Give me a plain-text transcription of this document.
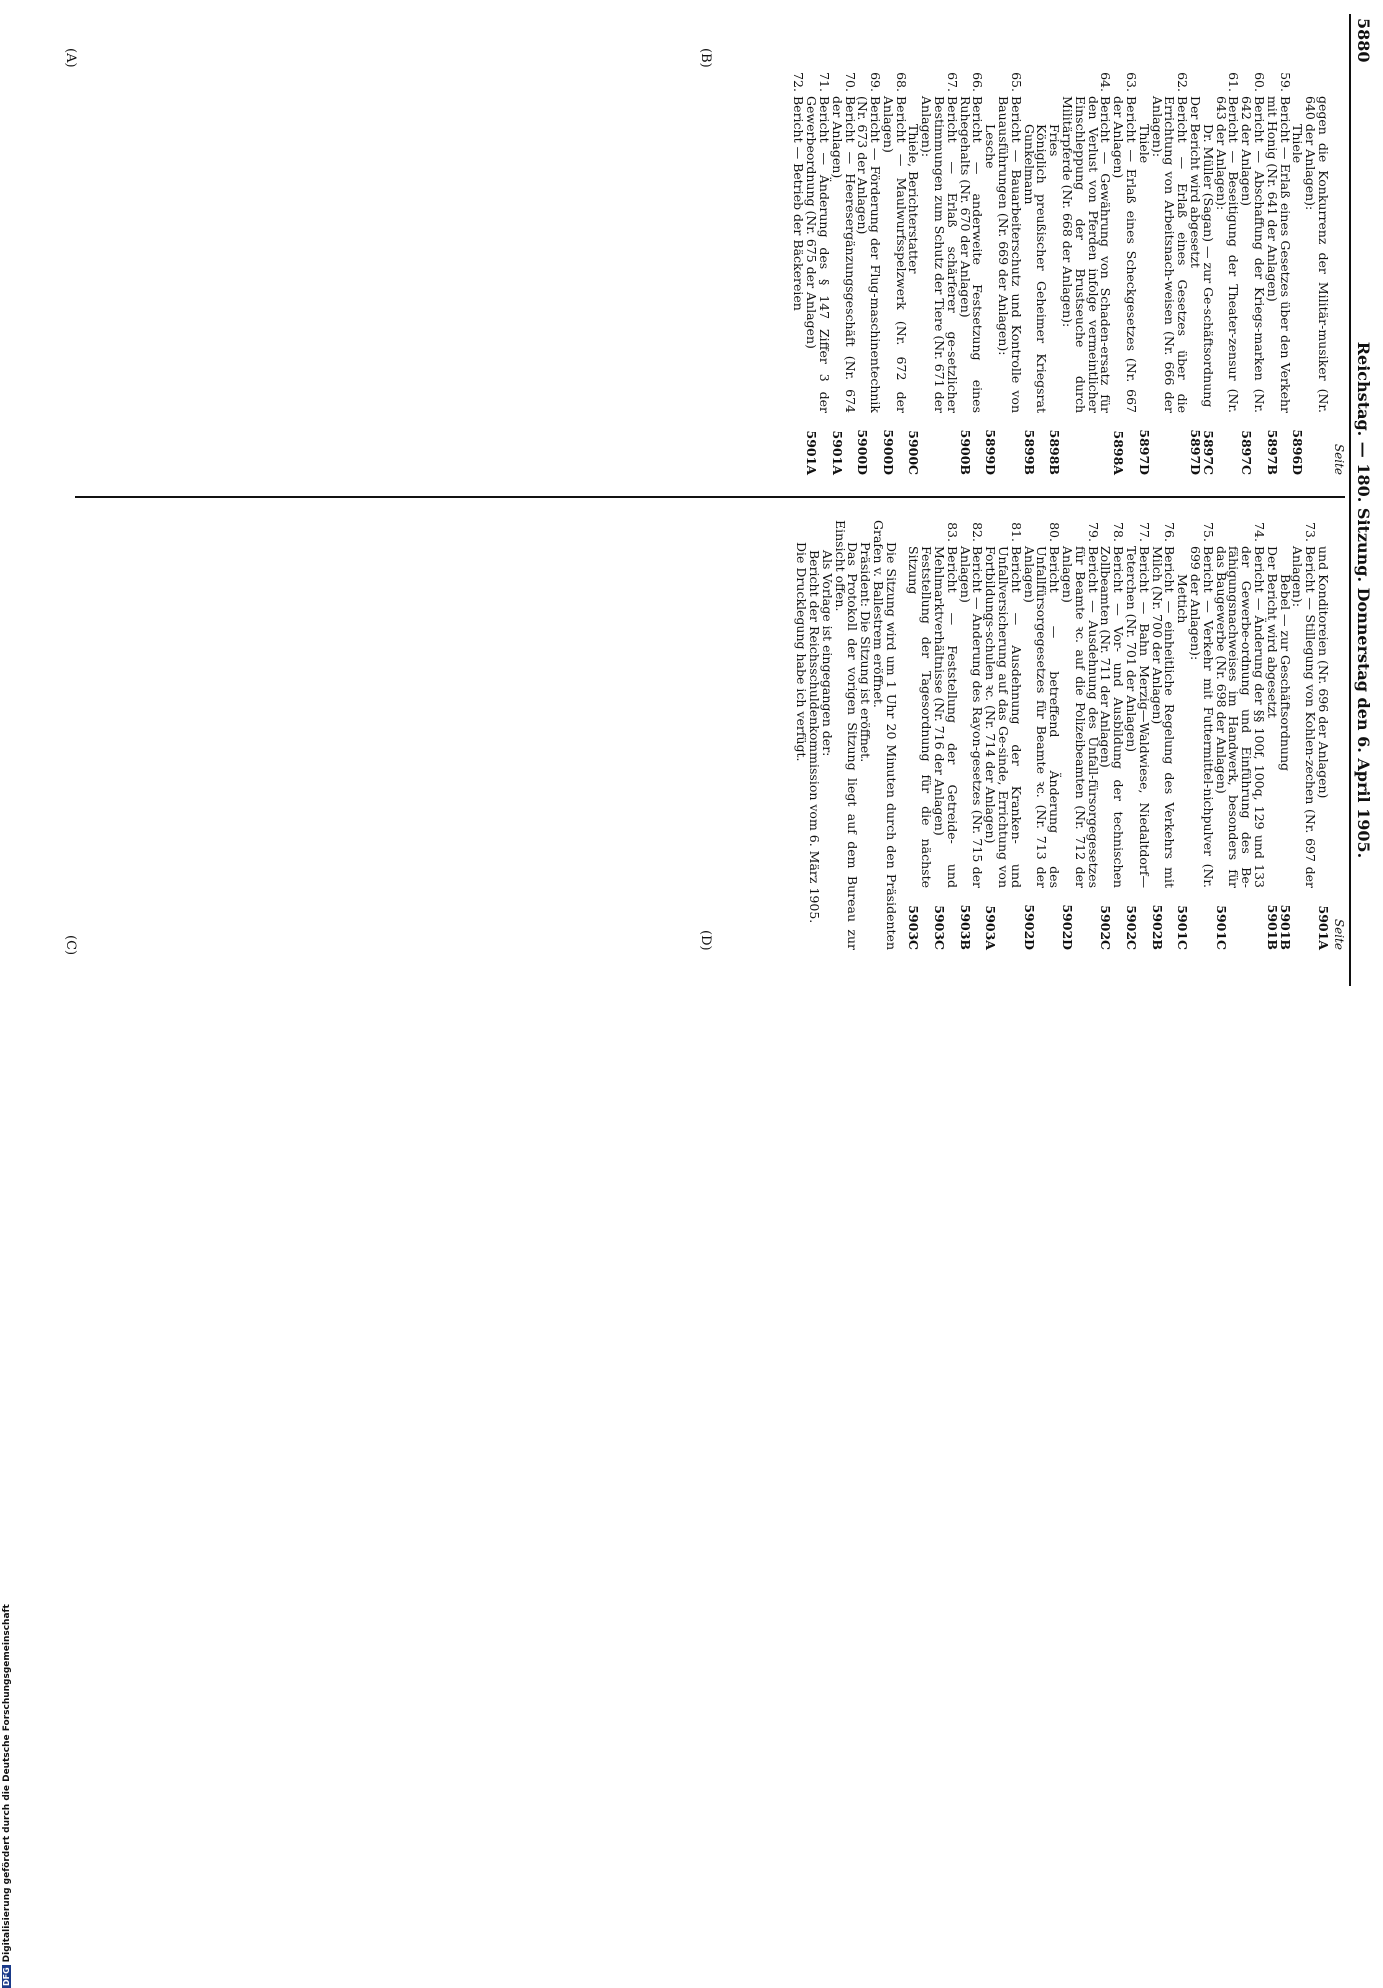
5880
Reichstag. — 180. Sitzung. Donnerstag den 6. April 1905.
(A)	(B)
(C)	(D)
Seite
gegen die Konkurrenz der Militär-musiker (Nr. 640 der Anlagen):
Thiele
5896D
59.
Bericht — Erlaß eines Gesetzes über den Verkehr mit Honig (Nr. 641 der Anlagen)
5897B
60.
Bericht — Abschaffung der Kriegs-marken (Nr. 642 der Anlagen)
5897C
61.
Bericht — Beseitigung der Theater-zensur (Nr. 643 der Anlagen):
Dr. Müller (Sagan) — zur Ge-schäftsordnung
5897C
Der Bericht wird abgesetzt
5897D
62.
Bericht — Erlaß eines Gesetzes über die Errichtung von Arbeitsnach-weisen (Nr. 666 der Anlagen):
Thiele
5897D
63.
Bericht — Erlaß eines Scheckgesetzes (Nr. 667 der Anlagen)
5898A
64.
Bericht — Gewährung von Schaden-ersatz für den Verlust von Pferden infolge vermeintlicher Einschleppung der Brustseuche durch Militärpferde (Nr. 668 der Anlagen):
Fries
5898B
Königlich preußischer Geheimer Kriegsrat Gunkelmann
5899B
65.
Bericht — Bauarbeiterschutz und Kontrolle von Bauausführungen (Nr. 669 der Anlagen):
Lesche
5899D
66.
Bericht — anderweite Festsetzung eines Ruhegehalts (Nr. 670 der Anlagen)
5900B
67.
Bericht — Erlaß schärferer ge-setzlicher Bestimmungen zum Schutz der Tiere (Nr. 671 der Anlagen):
Thiele, Berichterstatter
5900C
68.
Bericht — Maulwurfsspelzwerk (Nr. 672 der Anlagen)
5900D
69.
Bericht — Förderung der Flug-maschinentechnik (Nr. 673 der Anlagen)
5900D
70.
Bericht — Heeresergänzungsgeschäft (Nr. 674 der Anlagen)
5901A
71.
Bericht — Änderung des § 147 Ziffer 3 der Gewerbeordnung (Nr. 675 der Anlagen)
5901A
72.
Bericht — Betrieb der Bäckereien
Seite
und Konditoreien (Nr. 696 der Anlagen)
5901A
73.
Bericht — Stillegung von Kohlen-zechen (Nr. 697 der Anlagen):
Bebel — zur Geschäftsordnung
5901B
Der Bericht wird abgesetzt
5901B
74.
Bericht — Änderung der §§ 100f, 100q, 129 und 133 der Gewerbe-ordnung und Einführung des Be-fähigungsnachweises im Handwerk, besonders für das Baugewerbe (Nr. 698 der Anlagen)
5901C
75.
Bericht — Verkehr mit Futtermittel-nichpulver (Nr. 699 der Anlagen):
Mettich
5901C
76.
Bericht — einheitliche Regelung des Verkehrs mit Milch (Nr. 700 der Anlagen)
5902B
77.
Bericht — Bahn Merzig—Waldwiese, Niedaltdorf—Teterchen (Nr. 701 der Anlagen)
5902C
78.
Bericht — Vor- und Ausbildung der technischen Zollbeamten (Nr. 711 der Anlagen)
5902C
79.
Bericht — Ausdehnung des Unfall-fürsorgegesetzes für Beamte ꝛc. auf die Polizeibeamten (Nr. 712 der Anlagen)
5902D
80.
Bericht — betreffend Änderung des Unfallfürsorgegesetzes für Beamte ꝛc. (Nr. 713 der Anlagen)
5902D
81.
Bericht — Ausdehnung der Kranken- und Unfallversicherung auf das Ge-sinde, Errichtung von Fortbildungs-schulen ꝛc. (Nr. 714 der Anlagen)
5903A
82.
Bericht — Änderung des Rayon-gesetzes (Nr. 715 der Anlagen)
5903B
83.
Bericht — Feststellung der Getreide- und Mehlmarktverhältnisse (Nr. 716 der Anlagen)
5903C
Feststellung der Tagesordnung für die nächste Sitzung
5903C
Die Sitzung wird um 1 Uhr 20 Minuten durch den Präsidenten Grafen v. Ballestrem eröffnet.
Präsident: Die Sitzung ist eröffnet.
Das Protokoll der vorigen Sitzung liegt auf dem Bureau zur Einsicht offen.
Als Vorlage ist eingegangen der:
Bericht der Reichsschuldenkommission vom 6. März 1905.
Die Drucklegung habe ich verfügt.
DFGDigitalisierung gefördert durch die Deutsche Forschungsgemeinschaft
